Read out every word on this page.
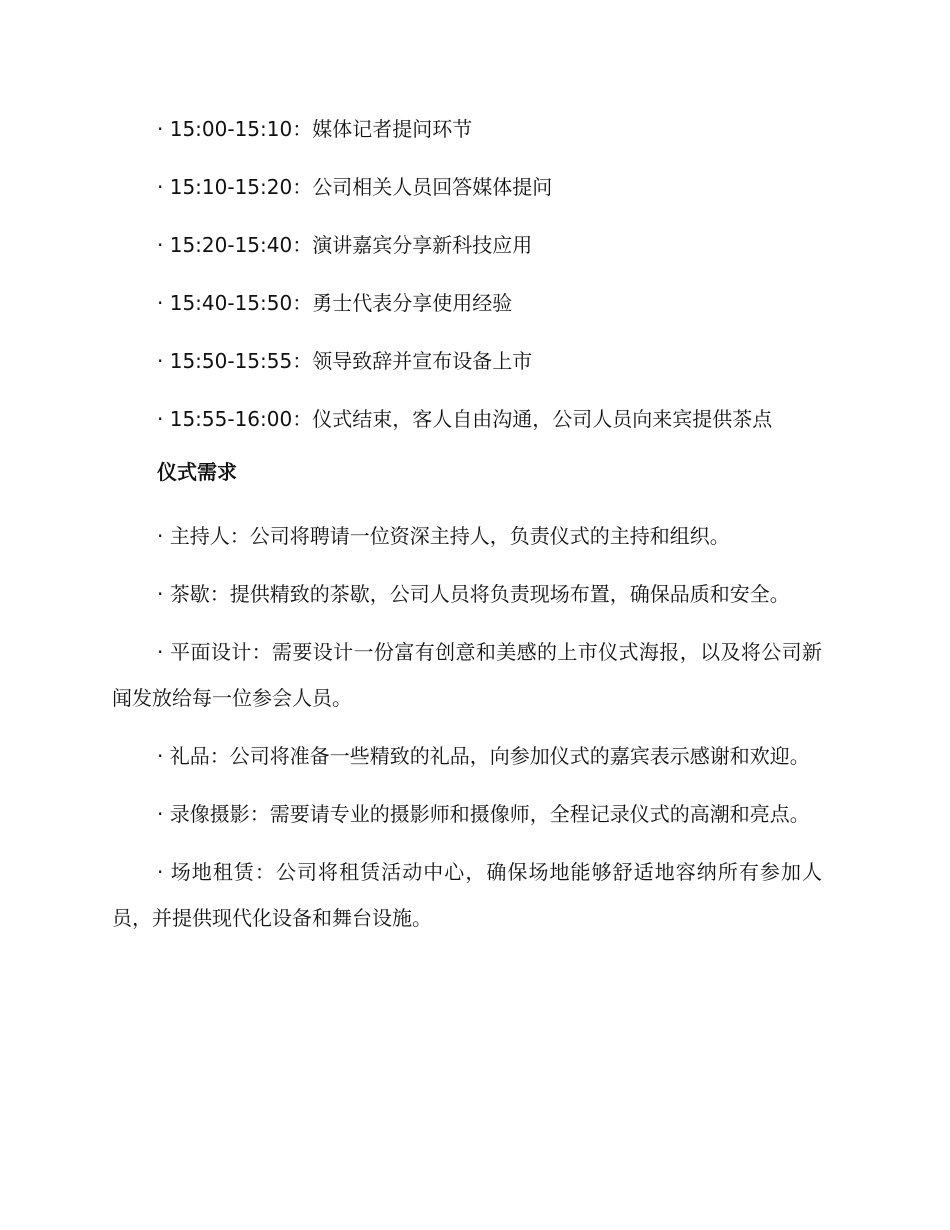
· 15:00-15:10：媒体记者提问环节
· 15:10-15:20：公司相关人员回答媒体提问
· 15:20-15:40：演讲嘉宾分享新科技应用
· 15:40-15:50：勇士代表分享使用经验
· 15:50-15:55：领导致辞并宣布设备上市
· 15:55-16:00：仪式结束，客人自由沟通，公司人员向来宾提供茶点
仪式需求

· 主持人：公司将聘请一位资深主持人，负责仪式的主持和组织。

· 茶歇：提供精致的茶歇，公司人员将负责现场布置，确保品质和安全。

· 平面设计：需要设计一份富有创意和美感的上市仪式海报，以及将公司新闻发放给每一位参会人员。

· 礼品：公司将准备一些精致的礼品，向参加仪式的嘉宾表示感谢和欢迎。

· 录像摄影：需要请专业的摄影师和摄像师，全程记录仪式的高潮和亮点。

· 场地租赁：公司将租赁活动中心，确保场地能够舒适地容纳所有参加人员，并提供现代化设备和舞台设施。
